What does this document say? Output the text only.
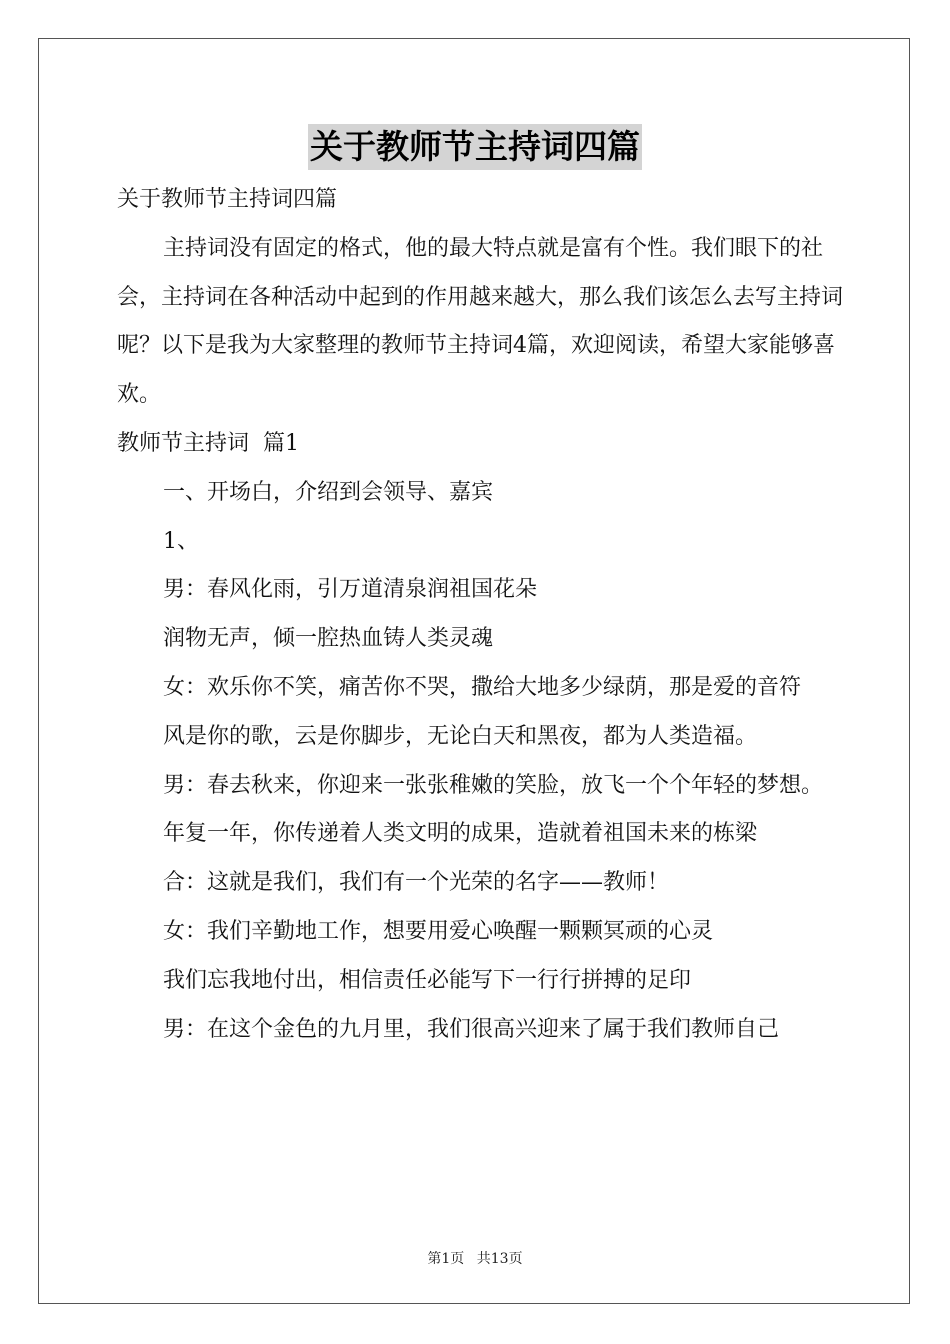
关于教师节主持词四篇

关于教师节主持词四篇

主持词没有固定的格式，他的最大特点就是富有个性。我们眼下的社会，主持词在各种活动中起到的作用越来越大，那么我们该怎么去写主持词呢？以下是我为大家整理的教师节主持词4篇，欢迎阅读，希望大家能够喜欢。

教师节主持词  篇1

一、开场白，介绍到会领导、嘉宾

1、

男：春风化雨，引万道清泉润祖国花朵

润物无声，倾一腔热血铸人类灵魂

女：欢乐你不笑，痛苦你不哭，撒给大地多少绿荫，那是爱的音符

风是你的歌，云是你脚步，无论白天和黑夜，都为人类造福。

男：春去秋来，你迎来一张张稚嫩的笑脸，放飞一个个年轻的梦想。

年复一年，你传递着人类文明的成果，造就着祖国未来的栋梁

合：这就是我们，我们有一个光荣的名字——教师！

女：我们辛勤地工作，想要用爱心唤醒一颗颗冥顽的心灵

我们忘我地付出，相信责任必能写下一行行拼搏的足印

男：在这个金色的九月里，我们很高兴迎来了属于我们教师自己

第1页 共13页
